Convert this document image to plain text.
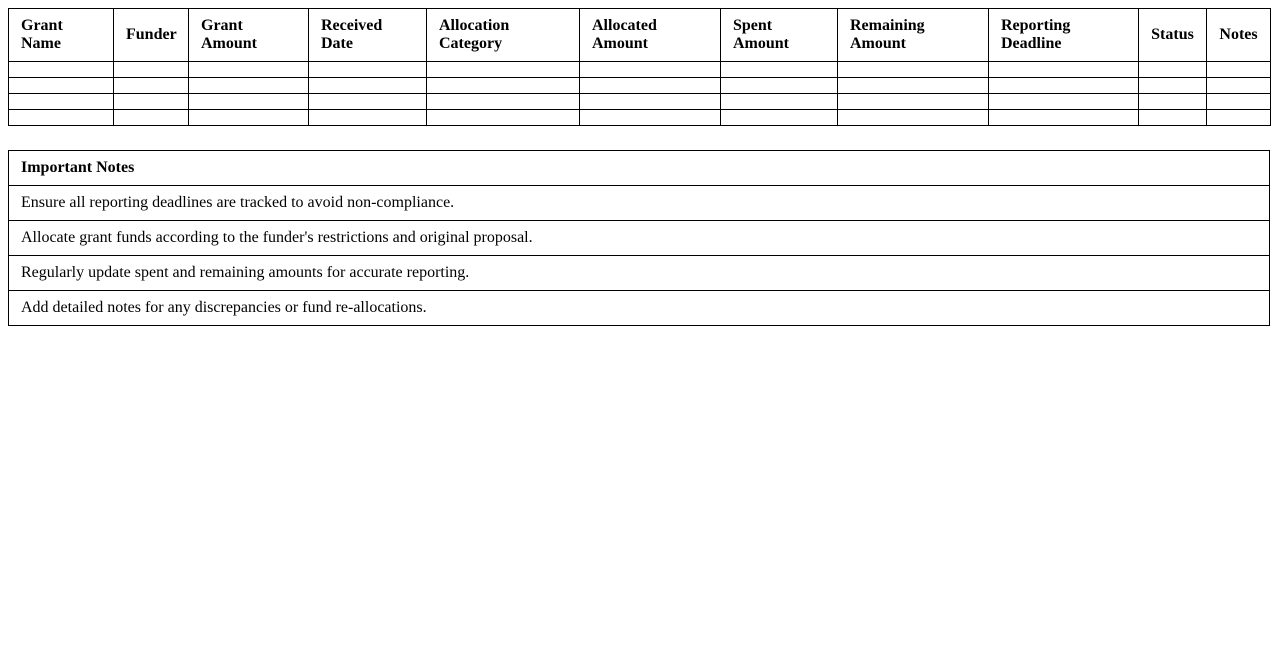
Grant Name	Funder	Grant Amount	Received Date	Allocation Category	Allocated Amount	Spent Amount	Remaining Amount	Reporting Deadline	Status	Notes

Important Notes
Ensure all reporting deadlines are tracked to avoid non-compliance.
Allocate grant funds according to the funder's restrictions and original proposal.
Regularly update spent and remaining amounts for accurate reporting.
Add detailed notes for any discrepancies or fund re-allocations.
